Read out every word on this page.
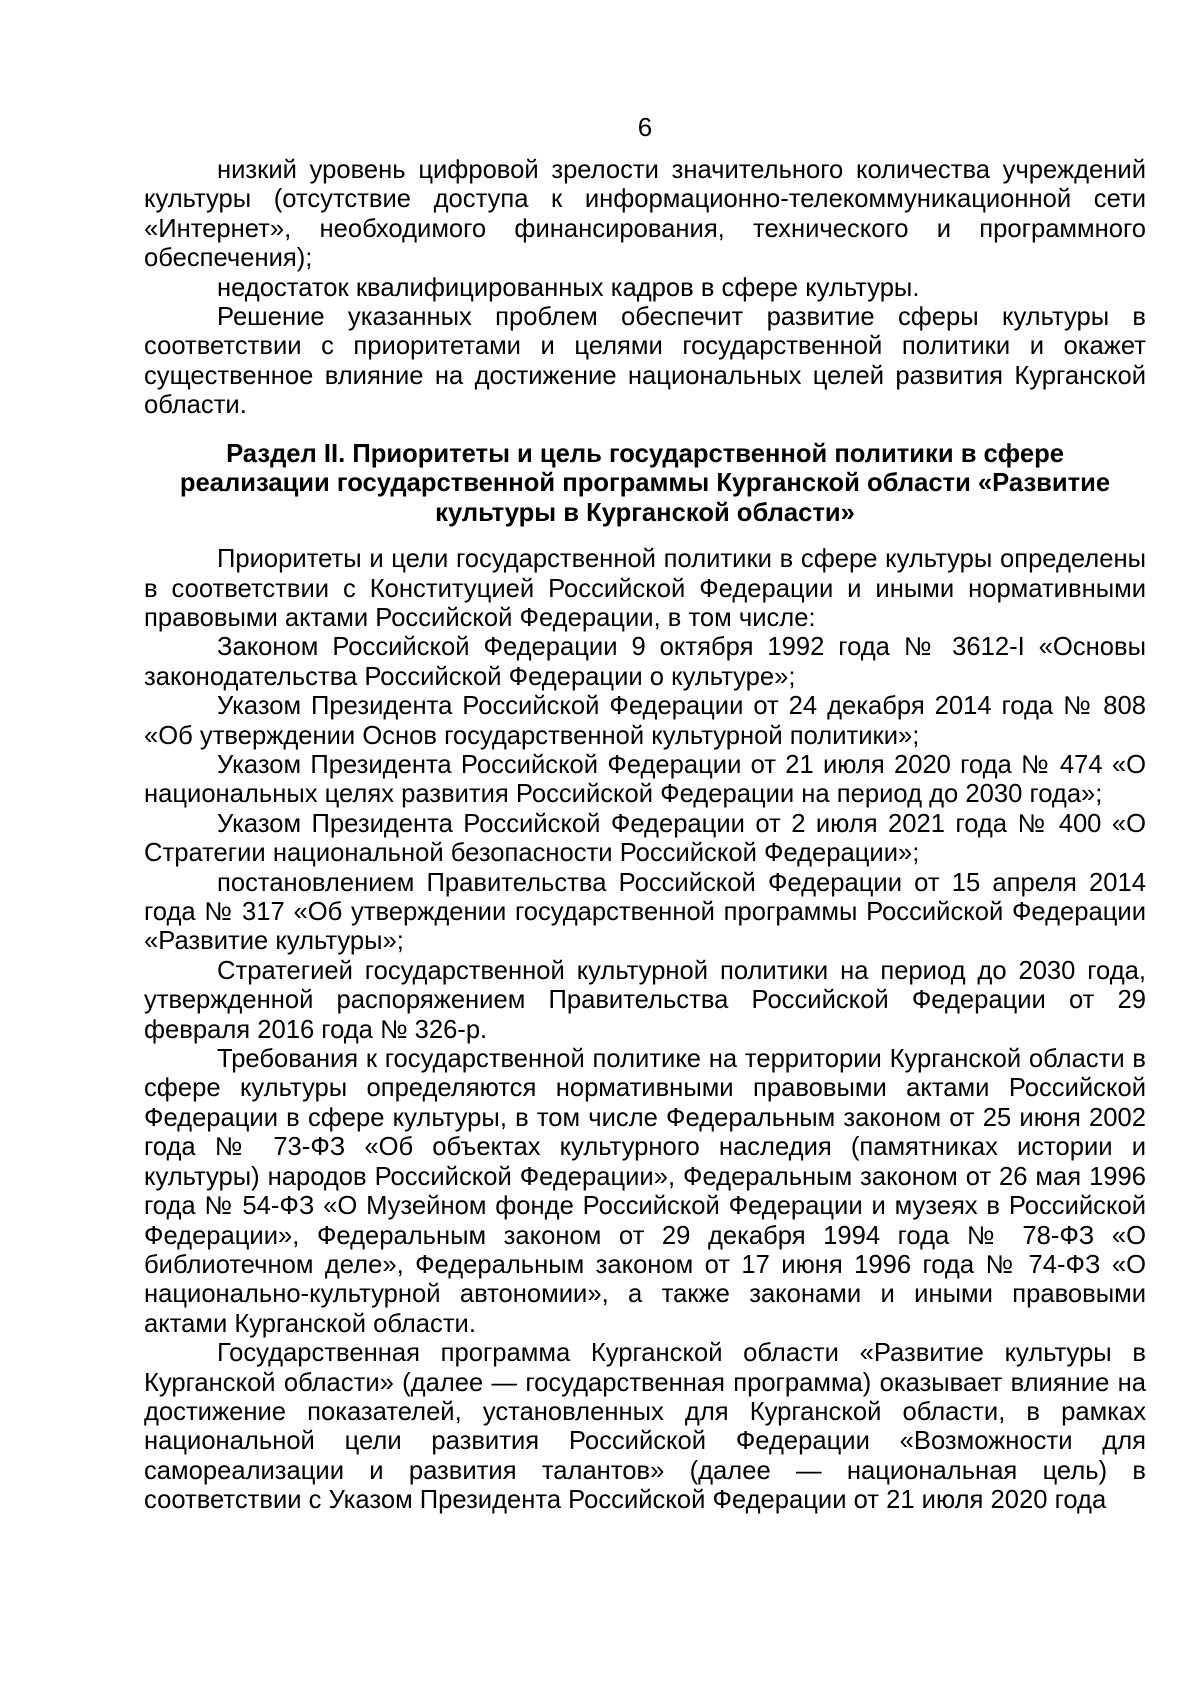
6

низкий уровень цифровой зрелости значительного количества учреждений культуры (отсутствие доступа к информационно-телекоммуникационной сети «Интернет», необходимого финансирования, технического и программного обеспечения);

недостаток квалифицированных кадров в сфере культуры.

Решение указанных проблем обеспечит развитие сферы культуры в соответствии с приоритетами и целями государственной политики и окажет существенное влияние на достижение национальных целей развития Курганской области.

Раздел II. Приоритеты и цель государственной политики в сфере
реализации государственной программы Курганской области «Развитие
культуры в Курганской области»

Приоритеты и цели государственной политики в сфере культуры определены в соответствии с Конституцией Российской Федерации и иными нормативными правовыми актами Российской Федерации, в том числе:

Законом Российской Федерации 9 октября 1992 года № 3612-I «Основы законодательства Российской Федерации о культуре»;

Указом Президента Российской Федерации от 24 декабря 2014 года № 808 «Об утверждении Основ государственной культурной политики»;

Указом Президента Российской Федерации от 21 июля 2020 года № 474 «О национальных целях развития Российской Федерации на период до 2030 года»;

Указом Президента Российской Федерации от 2 июля 2021 года № 400 «О Стратегии национальной безопасности Российской Федерации»;

постановлением Правительства Российской Федерации от 15 апреля 2014 года № 317 «Об утверждении государственной программы Российской Федерации «Развитие культуры»;

Стратегией государственной культурной политики на период до 2030 года, утвержденной распоряжением Правительства Российской Федерации от 29 февраля 2016 года № 326-р.

Требования к государственной политике на территории Курганской области в сфере культуры определяются нормативными правовыми актами Российской Федерации в сфере культуры, в том числе Федеральным законом от 25 июня 2002 года № 73-ФЗ «Об объектах культурного наследия (памятниках истории и культуры) народов Российской Федерации», Федеральным законом от 26 мая 1996 года № 54-ФЗ «О Музейном фонде Российской Федерации и музеях в Российской Федерации», Федеральным законом от 29 декабря 1994 года № 78-ФЗ «О библиотечном деле», Федеральным законом от 17 июня 1996 года № 74-ФЗ «О национально-культурной автономии», а также законами и иными правовыми актами Курганской области.

Государственная программа Курганской области «Развитие культуры в Курганской области» (далее — государственная программа) оказывает влияние на достижение показателей, установленных для Курганской области, в рамках национальной цели развития Российской Федерации «Возможности для самореализации и развития талантов» (далее — национальная цель) в соответствии с Указом Президента Российской Федерации от 21 июля 2020 года
